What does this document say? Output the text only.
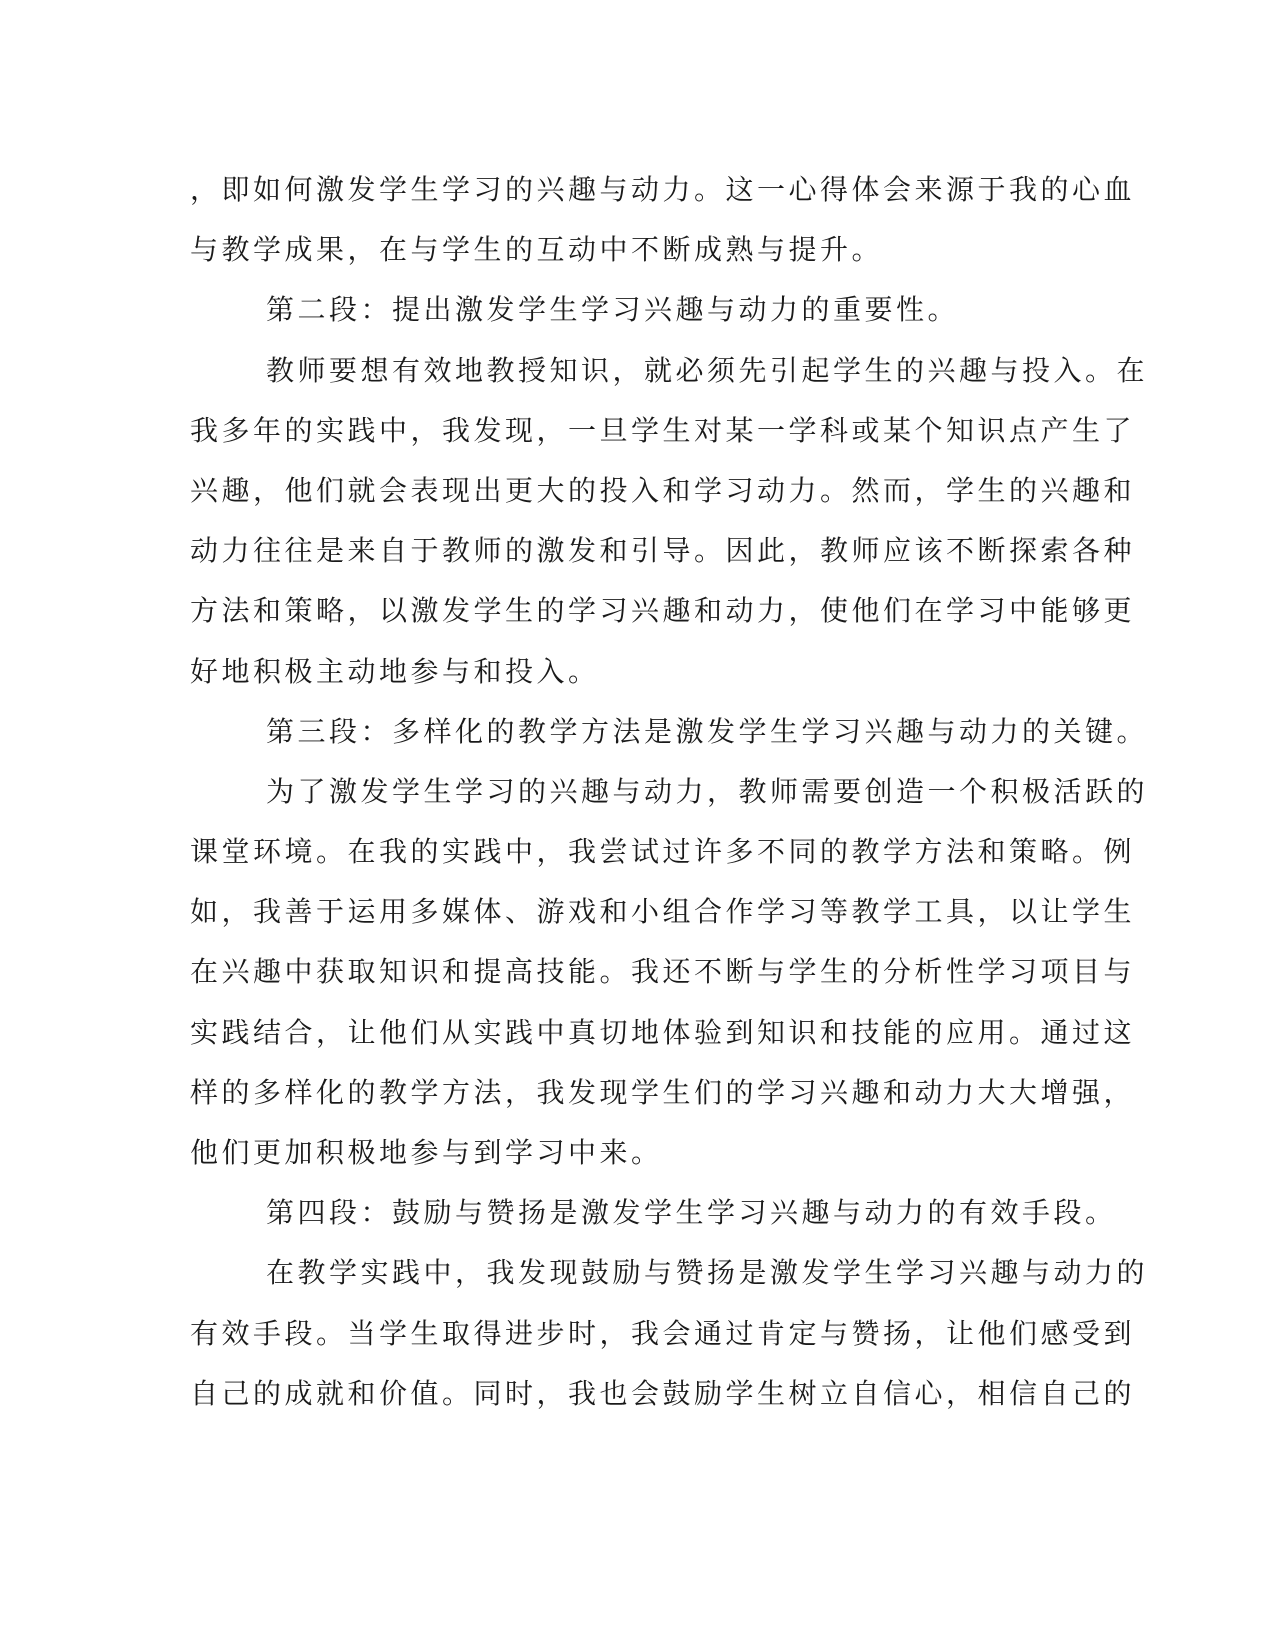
，即如何激发学生学习的兴趣与动力。这一心得体会来源于我的心血
与教学成果，在与学生的互动中不断成熟与提升。
第二段：提出激发学生学习兴趣与动力的重要性。
教师要想有效地教授知识，就必须先引起学生的兴趣与投入。在
我多年的实践中，我发现，一旦学生对某一学科或某个知识点产生了
兴趣，他们就会表现出更大的投入和学习动力。然而，学生的兴趣和
动力往往是来自于教师的激发和引导。因此，教师应该不断探索各种
方法和策略，以激发学生的学习兴趣和动力，使他们在学习中能够更
好地积极主动地参与和投入。
第三段：多样化的教学方法是激发学生学习兴趣与动力的关键。
为了激发学生学习的兴趣与动力，教师需要创造一个积极活跃的
课堂环境。在我的实践中，我尝试过许多不同的教学方法和策略。例
如，我善于运用多媒体、游戏和小组合作学习等教学工具，以让学生
在兴趣中获取知识和提高技能。我还不断与学生的分析性学习项目与
实践结合，让他们从实践中真切地体验到知识和技能的应用。通过这
样的多样化的教学方法，我发现学生们的学习兴趣和动力大大增强，
他们更加积极地参与到学习中来。
第四段：鼓励与赞扬是激发学生学习兴趣与动力的有效手段。
在教学实践中，我发现鼓励与赞扬是激发学生学习兴趣与动力的
有效手段。当学生取得进步时，我会通过肯定与赞扬，让他们感受到
自己的成就和价值。同时，我也会鼓励学生树立自信心，相信自己的
